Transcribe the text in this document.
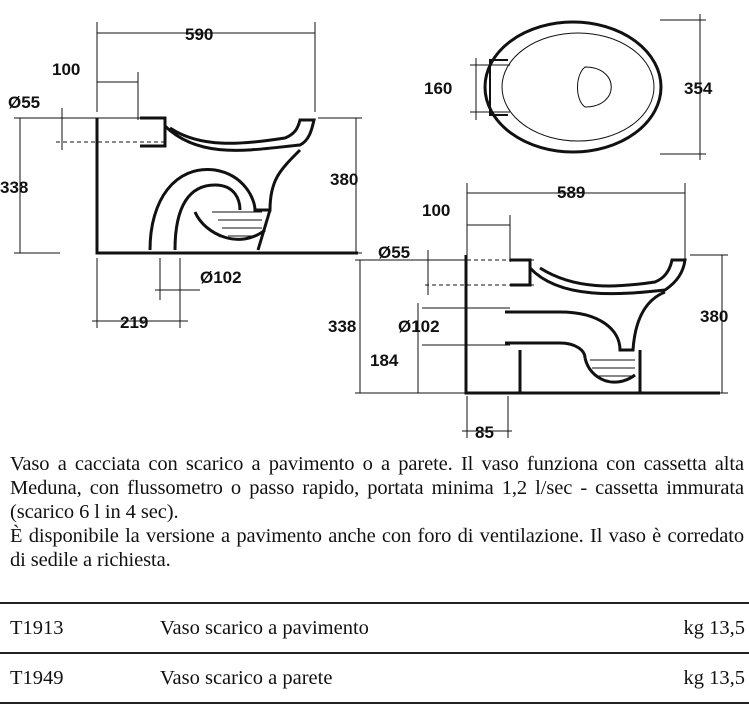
590
100
Ø55
338	380
Ø102
219
160	354
589
100
Ø55
338 Ø102
184
380
85

Vaso a cacciata con scarico a pavimento o a parete. Il vaso funziona con cassetta alta Meduna, con flussometro o passo rapido, portata minima 1,2 l/sec - cassetta immurata (scarico 6 l in 4 sec).

È disponibile la versione a pavimento anche con foro di ventilazione. Il vaso è corredato di sedile a richiesta.

T1913	Vaso scarico a pavimento	kg 13,5
T1949	Vaso scarico a parete	kg 13,5
